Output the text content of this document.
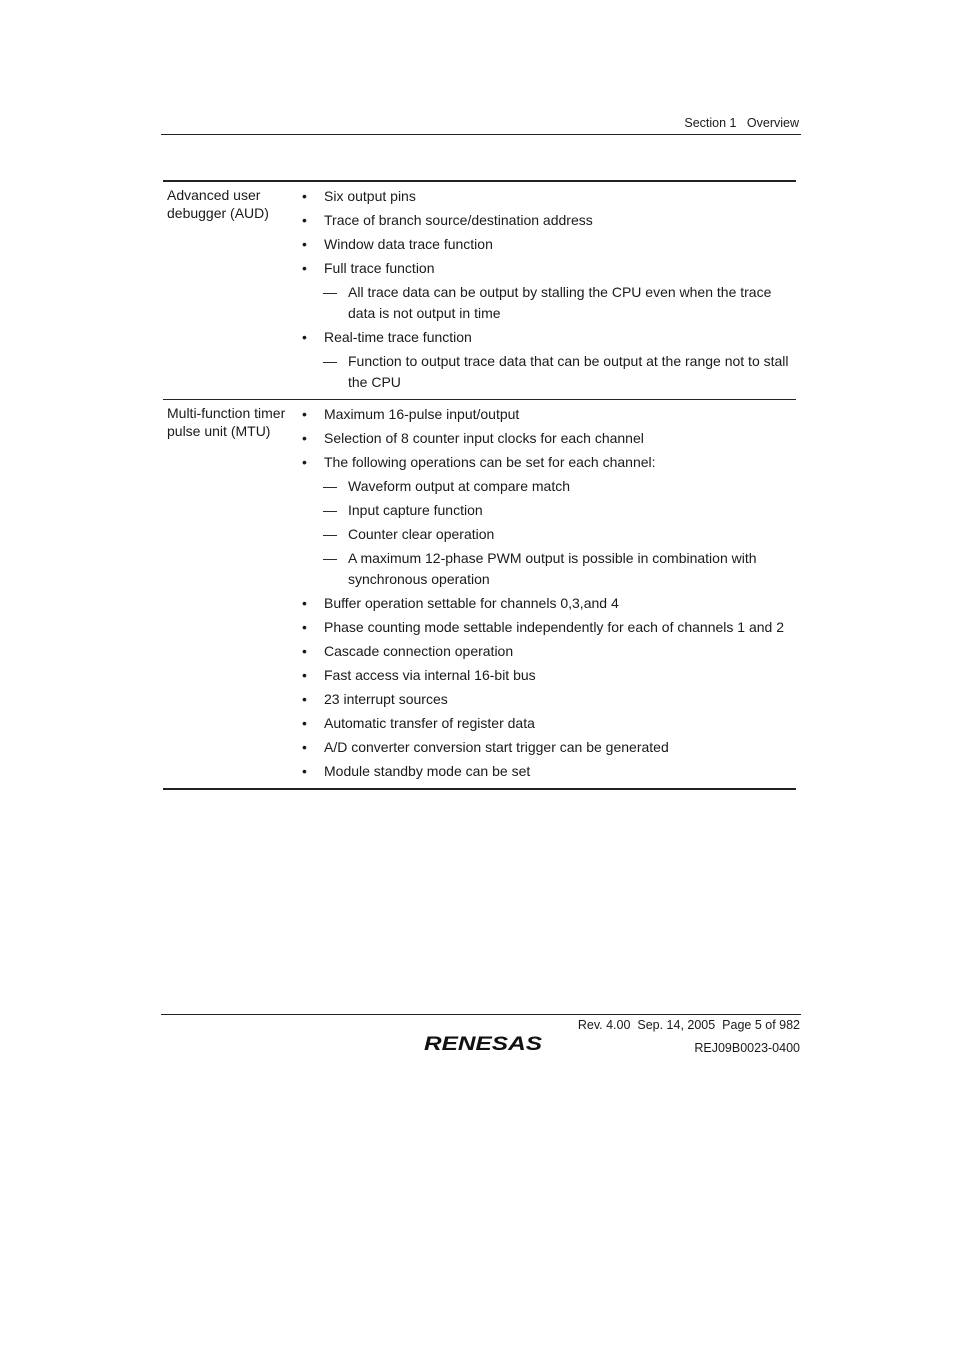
Section 1   Overview
Advanced user
debugger (AUD)
• Six output pins
• Trace of branch source/destination address
• Window data trace function
• Full trace function
— All trace data can be output by stalling the CPU even when the trace data is not output in time
• Real-time trace function
— Function to output trace data that can be output at the range not to stall the CPU
Multi-function timer
pulse unit (MTU)
• Maximum 16-pulse input/output
• Selection of 8 counter input clocks for each channel
• The following operations can be set for each channel:
— Waveform output at compare match
— Input capture function
— Counter clear operation
— A maximum 12-phase PWM output is possible in combination with synchronous operation
• Buffer operation settable for channels 0,3,and 4
• Phase counting mode settable independently for each of channels 1 and 2
• Cascade connection operation
• Fast access via internal 16-bit bus
• 23 interrupt sources
• Automatic transfer of register data
• A/D converter conversion start trigger can be generated
• Module standby mode can be set
Rev. 4.00  Sep. 14, 2005  Page 5 of 982
REJ09B0023-0400
RENESAS
